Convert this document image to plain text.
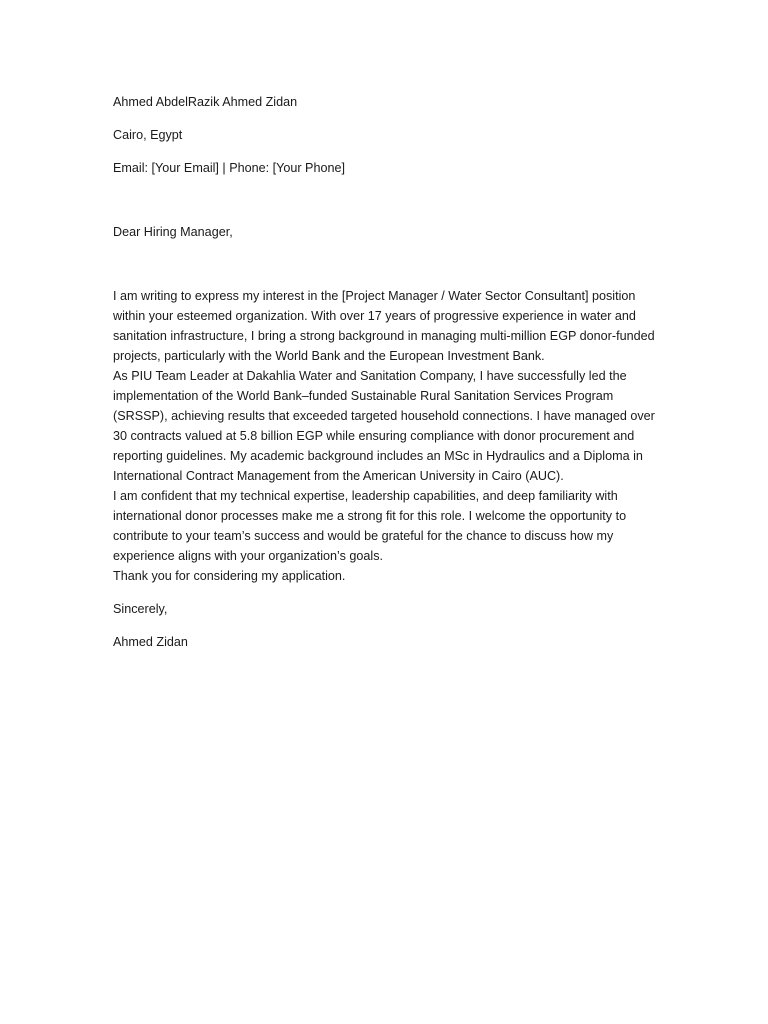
Ahmed AbdelRazik Ahmed Zidan

Cairo, Egypt

Email: [Your Email] | Phone: [Your Phone]

Dear Hiring Manager,

I am writing to express my interest in the [Project Manager / Water Sector Consultant] position within your esteemed organization. With over 17 years of progressive experience in water and sanitation infrastructure, I bring a strong background in managing multi-million EGP donor-funded projects, particularly with the World Bank and the European Investment Bank.

As PIU Team Leader at Dakahlia Water and Sanitation Company, I have successfully led the implementation of the World Bank–funded Sustainable Rural Sanitation Services Program (SRSSP), achieving results that exceeded targeted household connections. I have managed over 30 contracts valued at 5.8 billion EGP while ensuring compliance with donor procurement and reporting guidelines. My academic background includes an MSc in Hydraulics and a Diploma in International Contract Management from the American University in Cairo (AUC).

I am confident that my technical expertise, leadership capabilities, and deep familiarity with international donor processes make me a strong fit for this role. I welcome the opportunity to contribute to your team’s success and would be grateful for the chance to discuss how my experience aligns with your organization’s goals.

Thank you for considering my application.

Sincerely,

Ahmed Zidan
